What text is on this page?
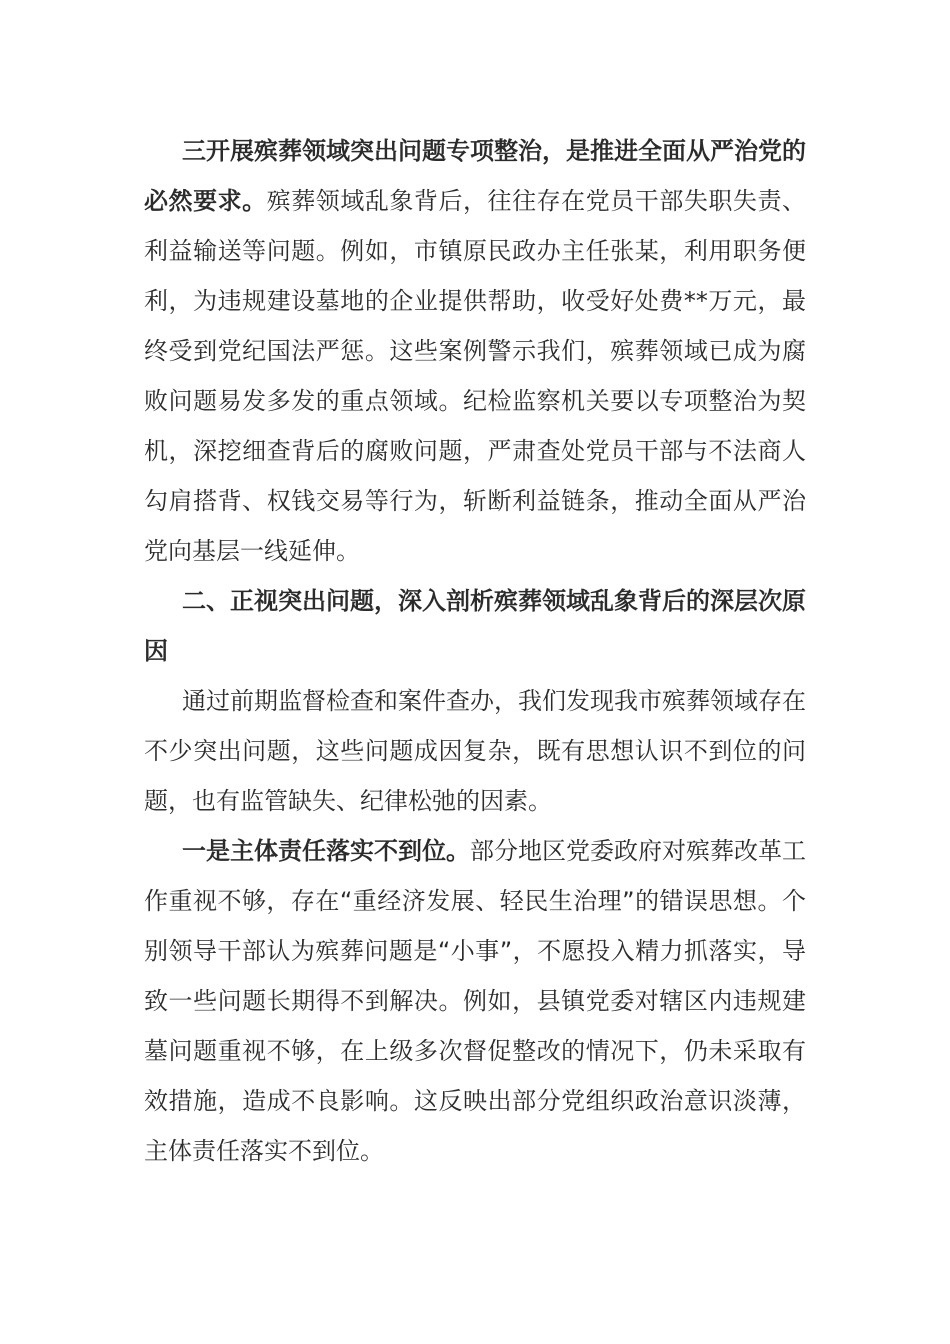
三开展殡葬领域突出问题专项整治，是推进全面从严治党的必然要求。殡葬领域乱象背后，往往存在党员干部失职失责、利益输送等问题。例如，市镇原民政办主任张某，利用职务便利，为违规建设墓地的企业提供帮助，收受好处费**万元，最终受到党纪国法严惩。这些案例警示我们，殡葬领域已成为腐败问题易发多发的重点领域。纪检监察机关要以专项整治为契机，深挖细查背后的腐败问题，严肃查处党员干部与不法商人勾肩搭背、权钱交易等行为，斩断利益链条，推动全面从严治党向基层一线延伸。

二、正视突出问题，深入剖析殡葬领域乱象背后的深层次原因

通过前期监督检查和案件查办，我们发现我市殡葬领域存在不少突出问题，这些问题成因复杂，既有思想认识不到位的问题，也有监管缺失、纪律松弛的因素。

一是主体责任落实不到位。部分地区党委政府对殡葬改革工作重视不够，存在“重经济发展、轻民生治理”的错误思想。个别领导干部认为殡葬问题是“小事”，不愿投入精力抓落实，导致一些问题长期得不到解决。例如，县镇党委对辖区内违规建墓问题重视不够，在上级多次督促整改的情况下，仍未采取有效措施，造成不良影响。这反映出部分党组织政治意识淡薄，主体责任落实不到位。
